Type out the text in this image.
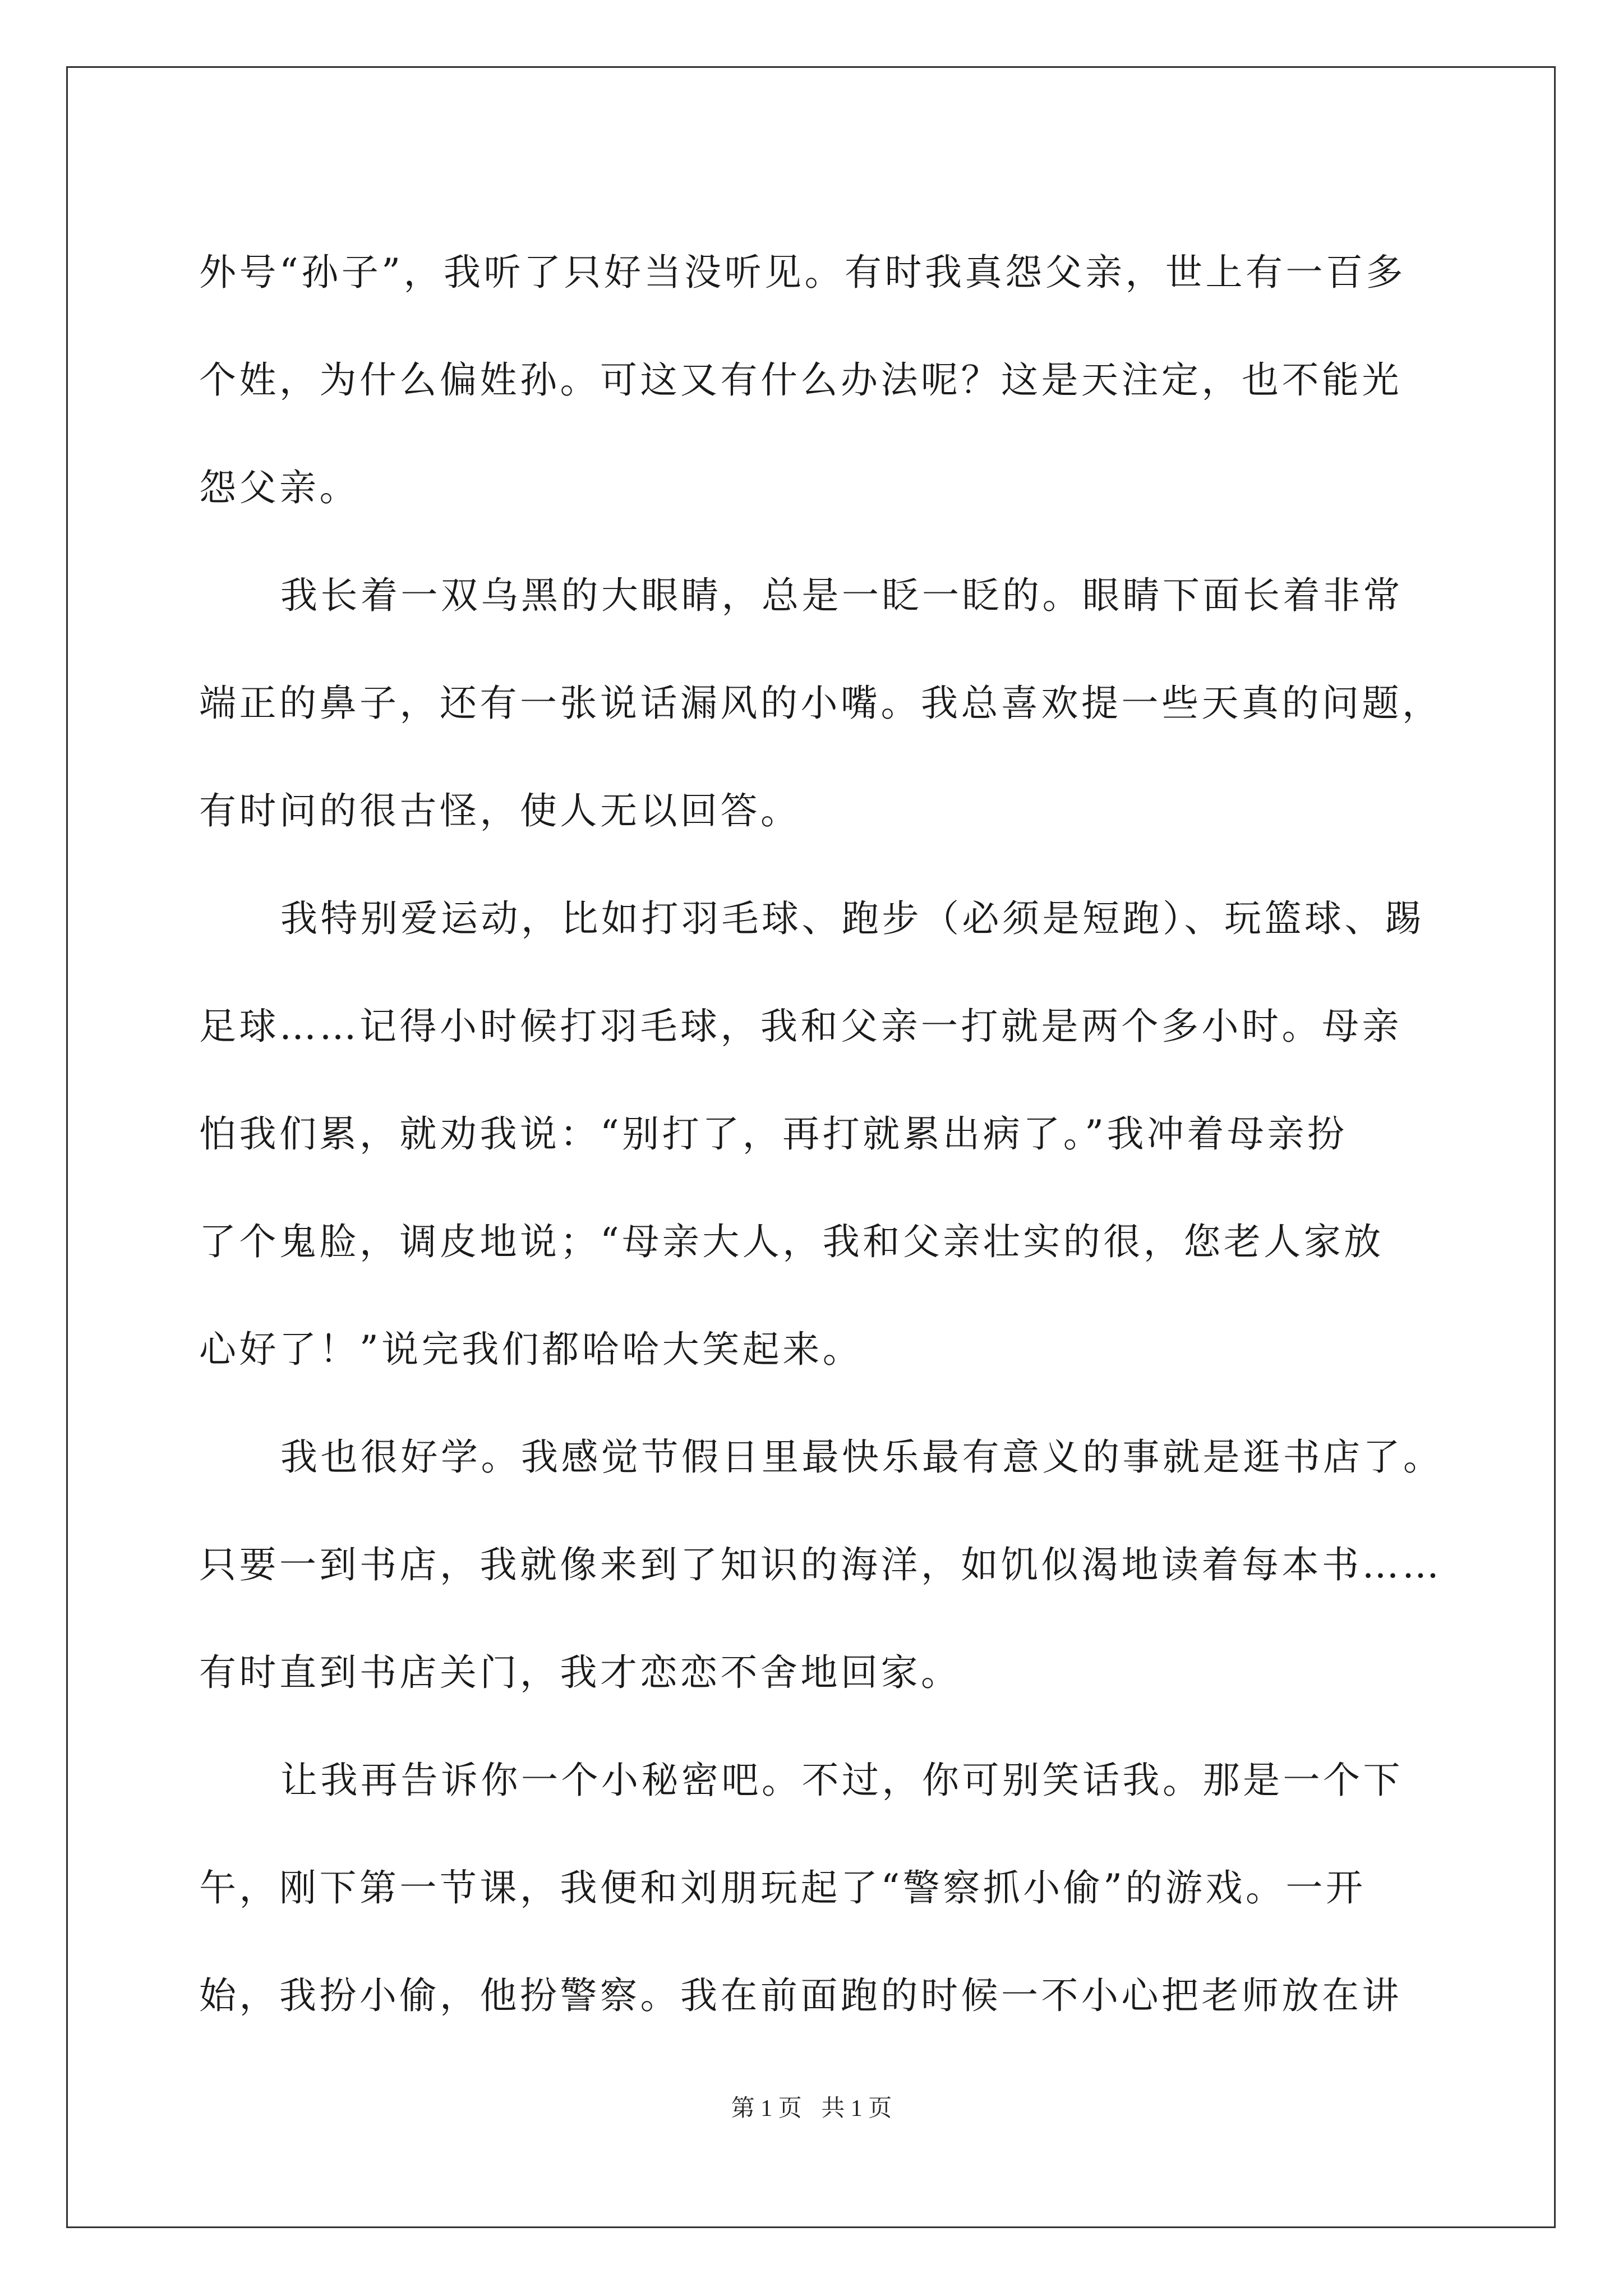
外号“孙子”，我听了只好当没听见。有时我真怨父亲，世上有一百多
个姓，为什么偏姓孙。可这又有什么办法呢？这是天注定，也不能光
怨父亲。
我长着一双乌黑的大眼睛，总是一眨一眨的。眼睛下面长着非常
端正的鼻子，还有一张说话漏风的小嘴。我总喜欢提一些天真的问题，
有时问的很古怪，使人无以回答。
我特别爱运动，比如打羽毛球、跑步（必须是短跑）、玩篮球、踢
足球……记得小时候打羽毛球，我和父亲一打就是两个多小时。母亲
怕我们累，就劝我说：“别打了，再打就累出病了。”我冲着母亲扮
了个鬼脸，调皮地说；“母亲大人，我和父亲壮实的很，您老人家放
心好了！”说完我们都哈哈大笑起来。
我也很好学。我感觉节假日里最快乐最有意义的事就是逛书店了。
只要一到书店，我就像来到了知识的海洋，如饥似渴地读着每本书……
有时直到书店关门，我才恋恋不舍地回家。
让我再告诉你一个小秘密吧。不过，你可别笑话我。那是一个下
午，刚下第一节课，我便和刘朋玩起了“警察抓小偷”的游戏。一开
始，我扮小偷，他扮警察。我在前面跑的时候一不小心把老师放在讲
第 1 页 共 1 页
